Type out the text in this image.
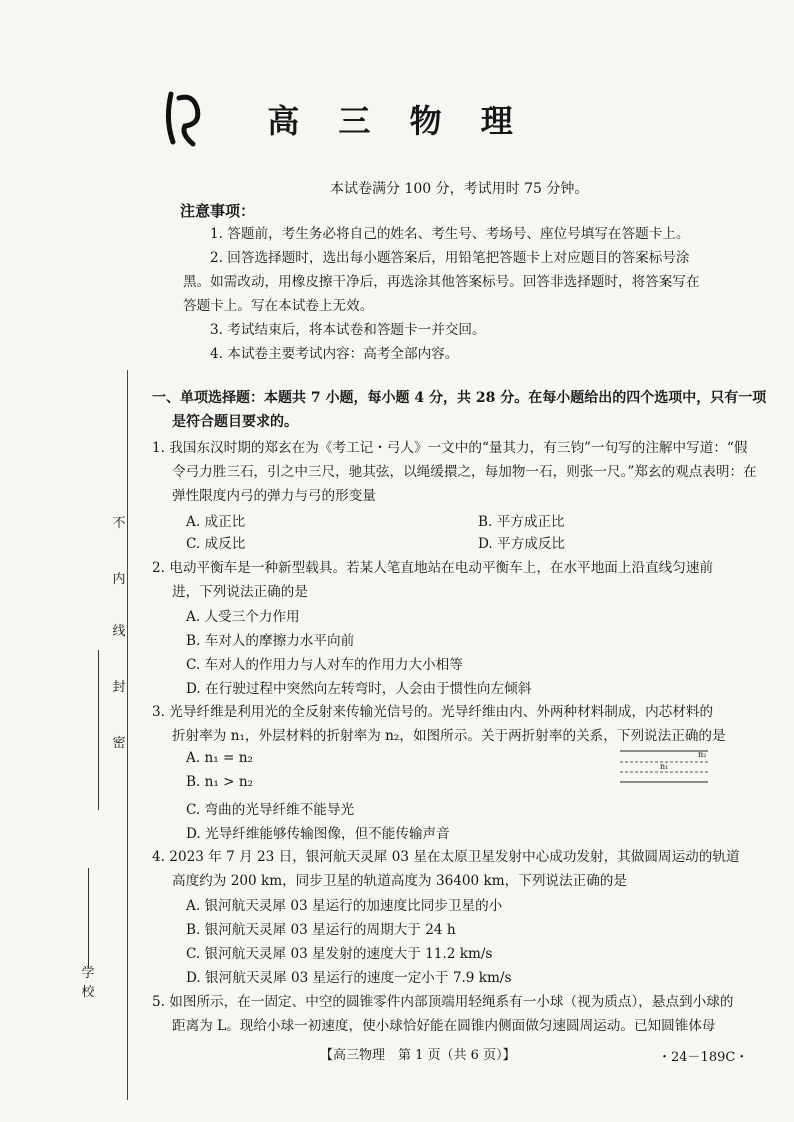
高 三 物 理
本试卷满分 100 分，考试用时 75 分钟。
注意事项：
1. 答题前，考生务必将自己的姓名、考生号、考场号、座位号填写在答题卡上。
2. 回答选择题时，选出每小题答案后，用铅笔把答题卡上对应题目的答案标号涂
黑。如需改动，用橡皮擦干净后，再选涂其他答案标号。回答非选择题时，将答案写在
答题卡上。写在本试卷上无效。
3. 考试结束后，将本试卷和答题卡一并交回。
4. 本试卷主要考试内容：高考全部内容。
不
内
线
封
密
学校
一、单项选择题：本题共 7 小题，每小题 4 分，共 28 分。在每小题给出的四个选项中，只有一项
是符合题目要求的。
1. 我国东汉时期的郑玄在为《考工记・弓人》一文中的“量其力，有三钧”一句写的注解中写道：“假
令弓力胜三石，引之中三尺，驰其弦，以绳缓擐之，每加物一石，则张一尺。”郑玄的观点表明：在
弹性限度内弓的弹力与弓的形变量
A. 成正比	B. 平方成正比
C. 成反比	D. 平方成反比
2. 电动平衡车是一种新型载具。若某人笔直地站在电动平衡车上，在水平地面上沿直线匀速前
进，下列说法正确的是
A. 人受三个力作用
B. 车对人的摩擦力水平向前
C. 车对人的作用力与人对车的作用力大小相等
D. 在行驶过程中突然向左转弯时，人会由于惯性向左倾斜
3. 光导纤维是利用光的全反射来传输光信号的。光导纤维由内、外两种材料制成，内芯材料的
折射率为 n₁，外层材料的折射率为 n₂，如图所示。关于两折射率的关系，下列说法正确的是
A. n₁ = n₂
B. n₁ > n₂
C. 弯曲的光导纤维不能导光
D. 光导纤维能够传输图像，但不能传输声音
n₂
n₁
4. 2023 年 7 月 23 日，银河航天灵犀 03 星在太原卫星发射中心成功发射，其做圆周运动的轨道
高度约为 200 km，同步卫星的轨道高度为 36400 km，下列说法正确的是
A. 银河航天灵犀 03 星运行的加速度比同步卫星的小
B. 银河航天灵犀 03 星运行的周期大于 24 h
C. 银河航天灵犀 03 星发射的速度大于 11.2 km/s
D. 银河航天灵犀 03 星运行的速度一定小于 7.9 km/s
5. 如图所示，在一固定、中空的圆锥零件内部顶端用轻绳系有一小球（视为质点），悬点到小球的
距离为 L。现给小球一初速度，使小球恰好能在圆锥内侧面做匀速圆周运动。已知圆锥体母
【高三物理　第 1 页（共 6 页）】	・24－189C・
